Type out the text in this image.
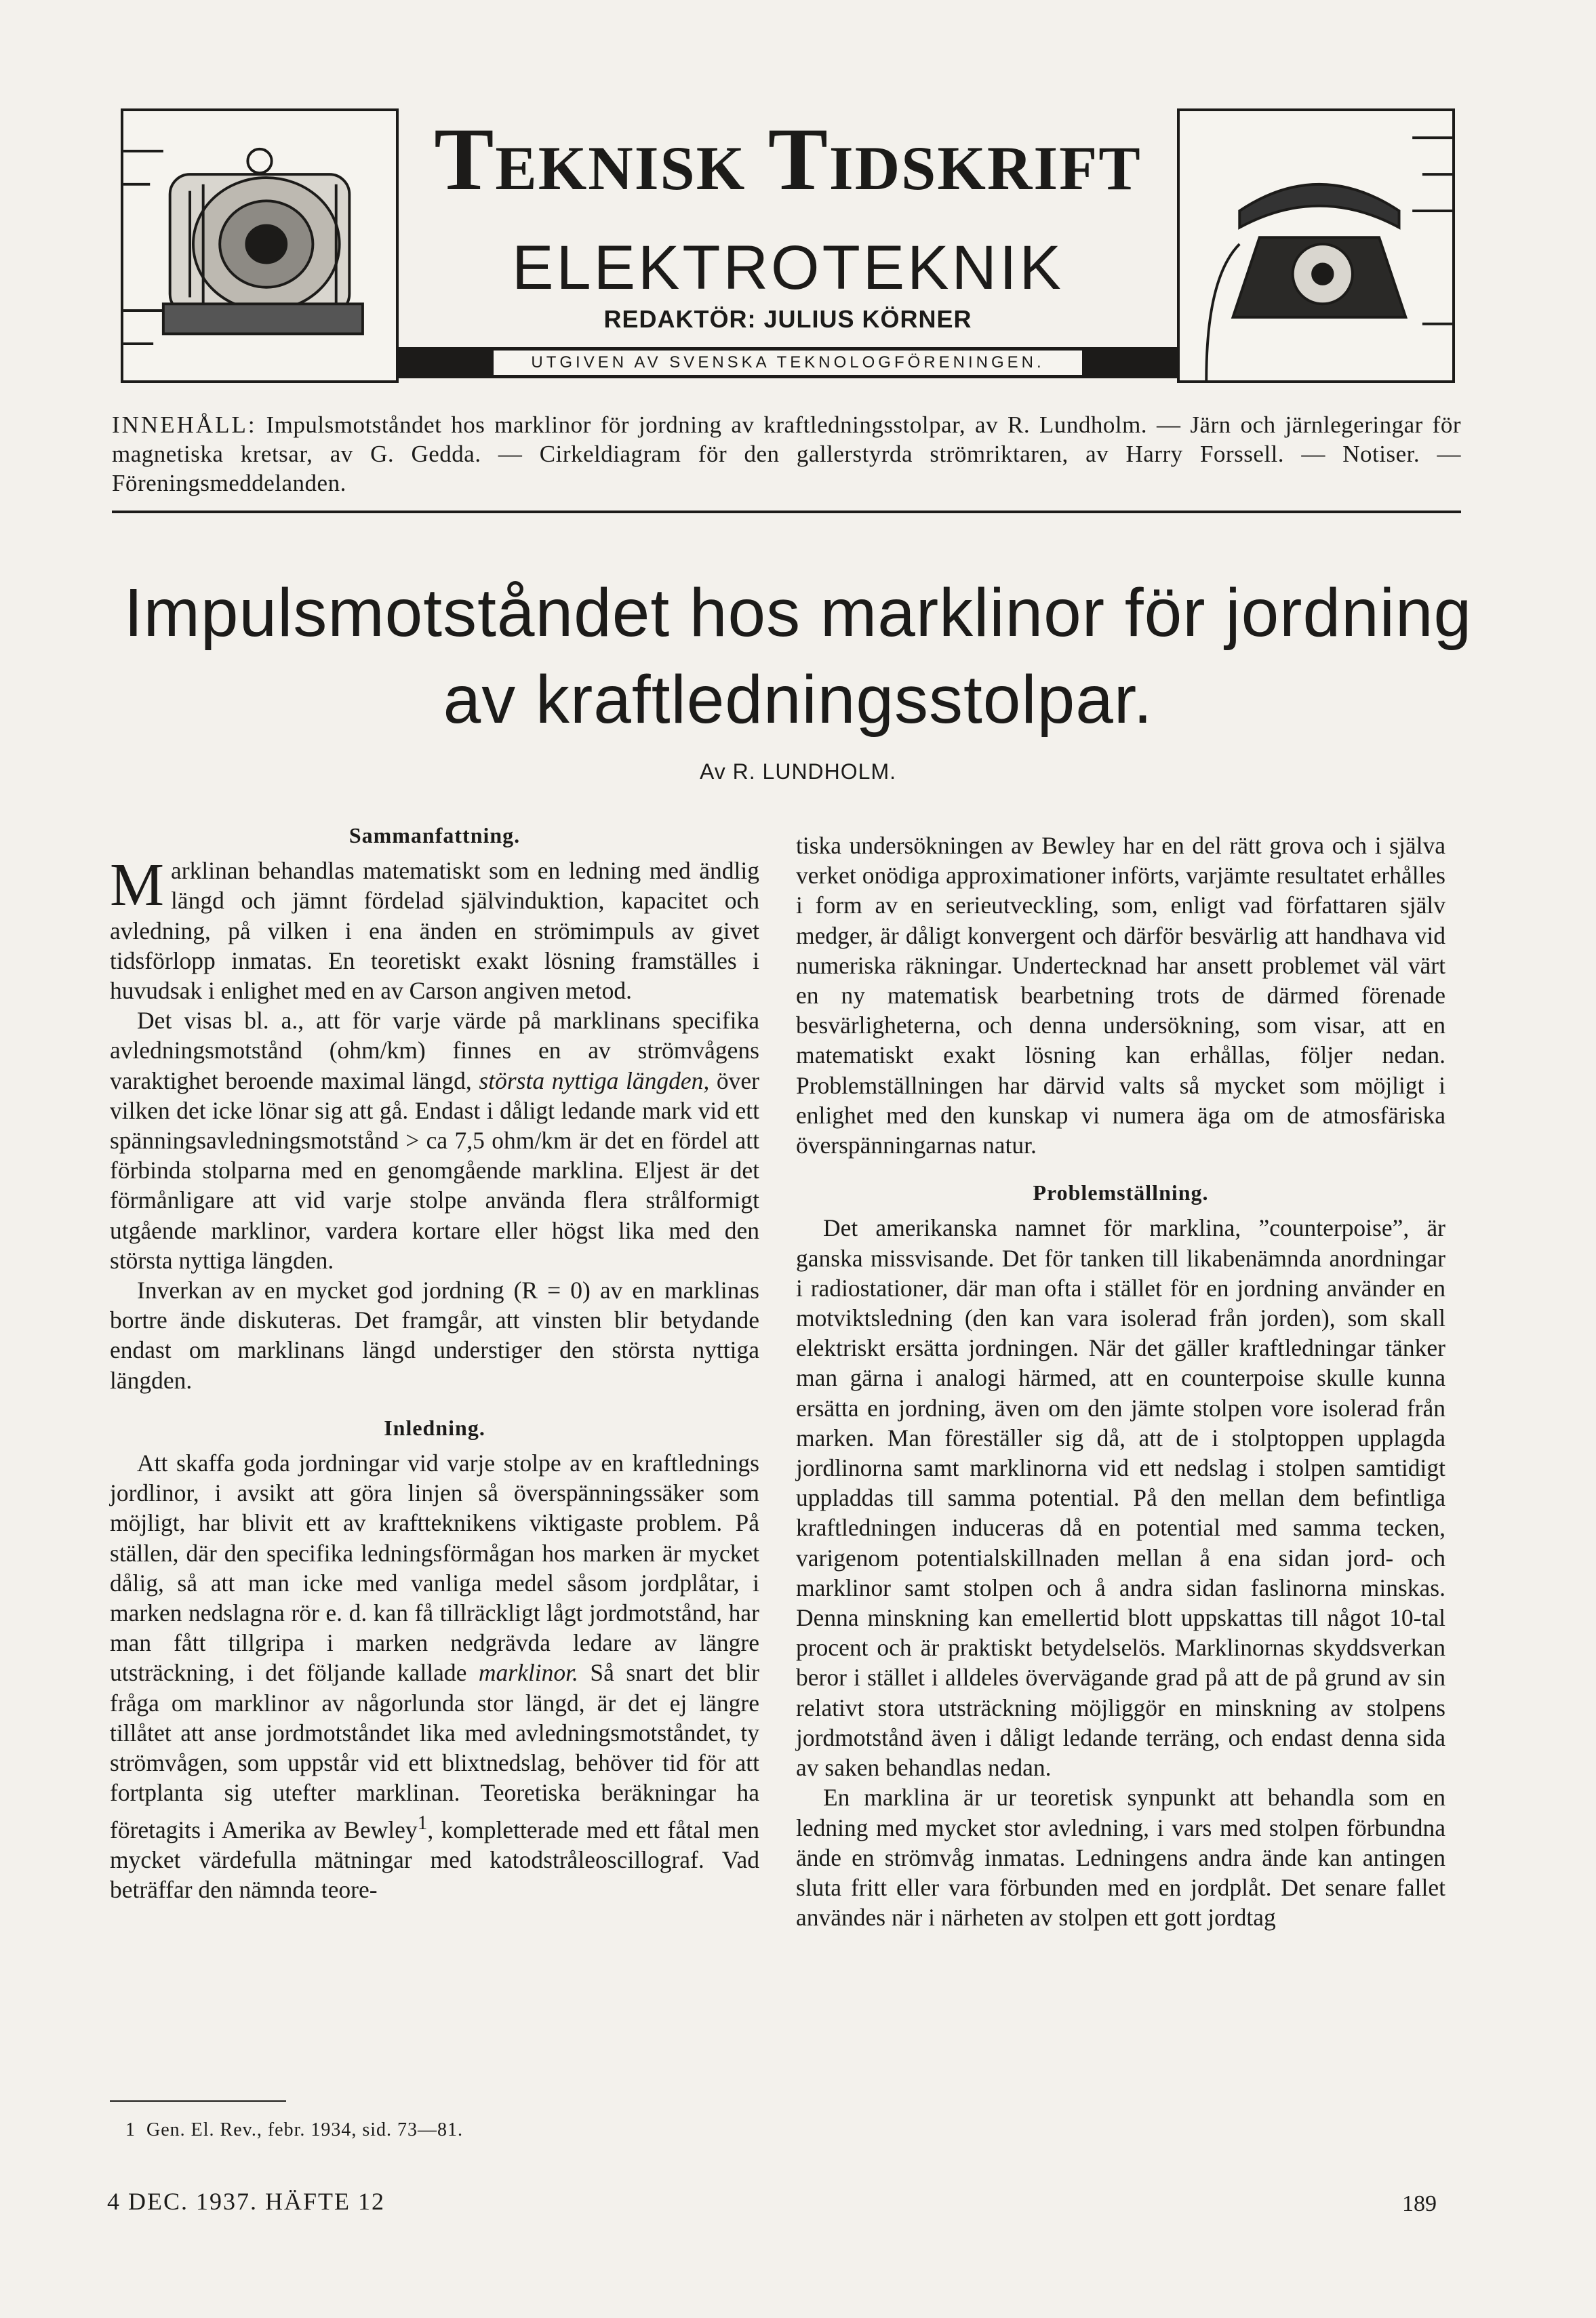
Teknisk Tidskrift
ELEKTROTEKNIK
REDAKTÖR: JULIUS KÖRNER
UTGIVEN AV SVENSKA TEKNOLOGFÖRENINGEN.
INNEHÅLL: Impulsmotståndet hos marklinor för jordning av kraftledningsstolpar, av R. Lundholm. — Järn och järnlegeringar för magnetiska kretsar, av G. Gedda. — Cirkeldiagram för den gallerstyrda strömriktaren, av Harry Forssell. — Notiser. — Föreningsmeddelanden.
Impulsmotståndet hos marklinor för jordning av kraftledningsstolpar.
Av R. LUNDHOLM.
Sammanfattning.

Marklinan behandlas matematiskt som en ledning med ändlig längd och jämnt fördelad självinduktion, kapacitet och avledning, på vilken i ena änden en strömimpuls av givet tidsförlopp inmatas. En teoretiskt exakt lösning framställes i huvudsak i enlighet med en av Carson angiven metod.

Det visas bl. a., att för varje värde på marklinans specifika avledningsmotstånd (ohm/km) finnes en av strömvågens varaktighet beroende maximal längd, största nyttiga längden, över vilken det icke lönar sig att gå. Endast i dåligt ledande mark vid ett spänningsavledningsmotstånd > ca 7,5 ohm/km är det en fördel att förbinda stolparna med en genomgående marklina. Eljest är det förmånligare att vid varje stolpe använda flera strålformigt utgående marklinor, vardera kortare eller högst lika med den största nyttiga längden.

Inverkan av en mycket god jordning (R = 0) av en marklinas bortre ände diskuteras. Det framgår, att vinsten blir betydande endast om marklinans längd understiger den största nyttiga längden.

Inledning.

Att skaffa goda jordningar vid varje stolpe av en kraftlednings jordlinor, i avsikt att göra linjen så överspänningssäker som möjligt, har blivit ett av kraftteknikens viktigaste problem. På ställen, där den specifika ledningsförmågan hos marken är mycket dålig, så att man icke med vanliga medel såsom jordplåtar, i marken nedslagna rör e. d. kan få tillräckligt lågt jordmotstånd, har man fått tillgripa i marken nedgrävda ledare av längre utsträckning, i det följande kallade marklinor. Så snart det blir fråga om marklinor av någorlunda stor längd, är det ej längre tillåtet att anse jordmotståndet lika med avledningsmotståndet, ty strömvågen, som uppstår vid ett blixtnedslag, behöver tid för att fortplanta sig utefter marklinan. Teoretiska beräkningar ha företagits i Amerika av Bewley$^1$, kompletterade med ett fåtal men mycket värdefulla mätningar med katodstråleoscillograf. Vad beträffar den nämnda teore-

tiska undersökningen av Bewley har en del rätt grova och i själva verket onödiga approximationer införts, varjämte resultatet erhålles i form av en serieutveckling, som, enligt vad författaren själv medger, är dåligt konvergent och därför besvärlig att handhava vid numeriska räkningar. Undertecknad har ansett problemet väl värt en ny matematisk bearbetning trots de därmed förenade besvärligheterna, och denna undersökning, som visar, att en matematiskt exakt lösning kan erhållas, följer nedan. Problemställningen har därvid valts så mycket som möjligt i enlighet med den kunskap vi numera äga om de atmosfäriska överspänningarnas natur.

Problemställning.

Det amerikanska namnet för marklina, ”counterpoise”, är ganska missvisande. Det för tanken till likabenämnda anordningar i radiostationer, där man ofta i stället för en jordning använder en motviktsledning (den kan vara isolerad från jorden), som skall elektriskt ersätta jordningen. När det gäller kraftledningar tänker man gärna i analogi härmed, att en counterpoise skulle kunna ersätta en jordning, även om den jämte stolpen vore isolerad från marken. Man föreställer sig då, att de i stolptoppen upplagda jordlinorna samt marklinorna vid ett nedslag i stolpen samtidigt uppladdas till samma potential. På den mellan dem befintliga kraftledningen induceras då en potential med samma tecken, varigenom potentialskillnaden mellan å ena sidan jord- och marklinor samt stolpen och å andra sidan faslinorna minskas. Denna minskning kan emellertid blott uppskattas till något 10-tal procent och är praktiskt betydelselös. Marklinornas skyddsverkan beror i stället i alldeles övervägande grad på att de på grund av sin relativt stora utsträckning möjliggör en minskning av stolpens jordmotstånd även i dåligt ledande terräng, och endast denna sida av saken behandlas nedan.

En marklina är ur teoretisk synpunkt att behandla som en ledning med mycket stor avledning, i vars med stolpen förbundna ände en strömvåg inmatas. Ledningens andra ände kan antingen sluta fritt eller vara förbunden med en jordplåt. Det senare fallet användes när i närheten av stolpen ett gott jordtag

1 Gen. El. Rev., febr. 1934, sid. 73—81.
4 DEC. 1937. HÄFTE 12	189
